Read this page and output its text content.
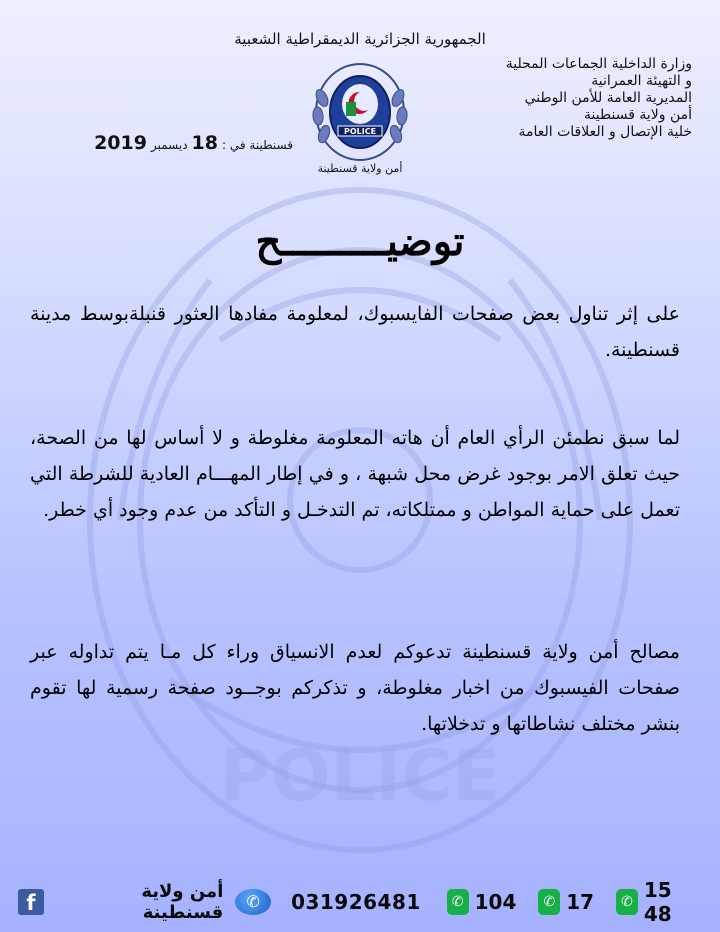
POLICE
الجمهورية الجزائرية الديمقراطية الشعبية
وزارة الداخلية الجماعات المحلية
و التهيئة العمرانية
المديرية العامة للأمن الوطني
أمن ولاية قسنطينة
خلية الإتصال و العلاقات العامة
POLICE
أمن ولاية قسنطينة
قسنطينة في :
18
ديسمبر
2019
توضيـــــــــح

على إثر تناول بعض صفحات الفايسبوك، لمعلومة مفادها العثور قنبلةبوسط مدينة قسنطينة.

لما سبق نطمئن الرأي العام أن هاته المعلومة مغلوطة و لا أساس لها من الصحة، حيث تعلق الامر بوجود غرض محل شبهة ، و في إطار المهـــام العادية للشرطة التي تعمل على حماية المواطن و ممتلكاته، تم التدخـل و التأكد من عدم وجود أي خطر.

مصالح أمن ولاية قسنطينة تدعوكم لعدم الانسياق وراء كل مـا يتم تداوله عبر صفحات الفيسبوك من اخبار مغلوطة، و تذكركم بوجــود صفحة رسمية لها تقوم بنشر مختلف نشاطاتها و تدخلاتها.

f	أمن ولاية قسنطينة
✆	031926481	✆ 104	✆ 17	✆ 15 48
